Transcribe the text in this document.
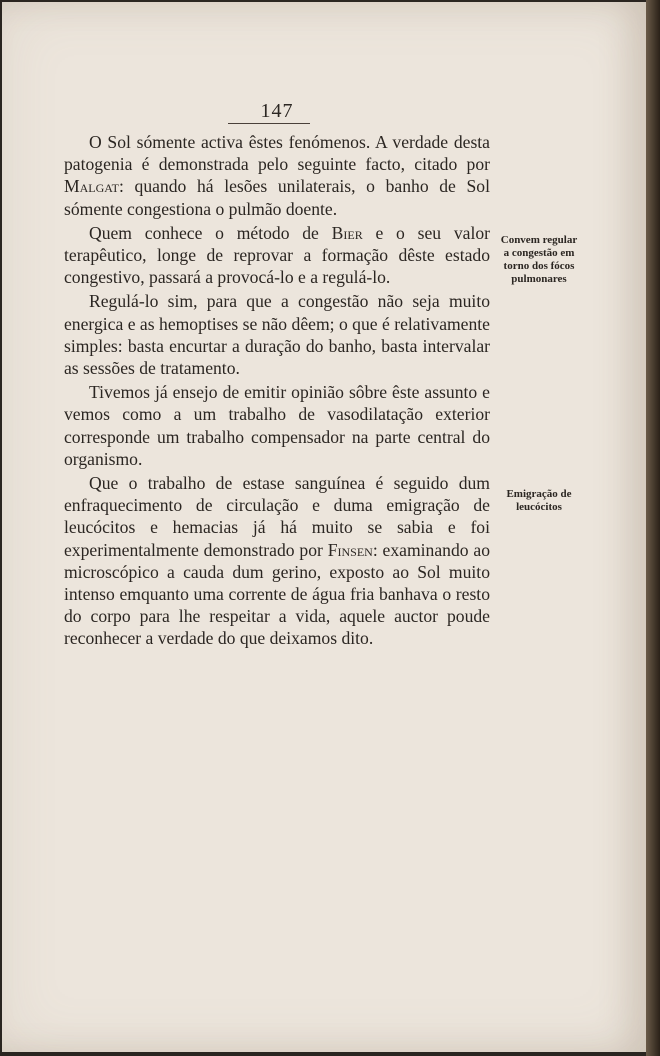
147

O Sol sómente activa êstes fenómenos. A verdade desta patogenia é demonstrada pelo seguinte facto, citado por Malgat: quando há lesões unilaterais, o banho de Sol sómente congestiona o pulmão doente.

Quem conhece o método de Bier e o seu valor terapêutico, longe de reprovar a formação dêste estado congestivo, passará a provocá-lo e a regulá-lo.

Regulá-lo sim, para que a congestão não seja muito energica e as hemoptises se não dêem; o que é relativamente simples: basta encurtar a duração do banho, basta intervalar as sessões de tratamento.

Tivemos já ensejo de emitir opinião sôbre êste assunto e vemos como a um trabalho de vasodilatação exterior corresponde um trabalho compensador na parte central do organismo.

Que o trabalho de estase sanguínea é seguido dum enfraquecimento de circulação e duma emigração de leucócitos e hemacias já há muito se sabia e foi experimentalmente demonstrado por Finsen: examinando ao microscópico a cauda dum gerino, exposto ao Sol muito intenso emquanto uma corrente de água fria banhava o resto do corpo para lhe respeitar a vida, aquele auctor poude reconhecer a verdade do que deixamos dito.

Convem regular a congestão em torno dos fócos pulmonares
Emigração de leucócitos
